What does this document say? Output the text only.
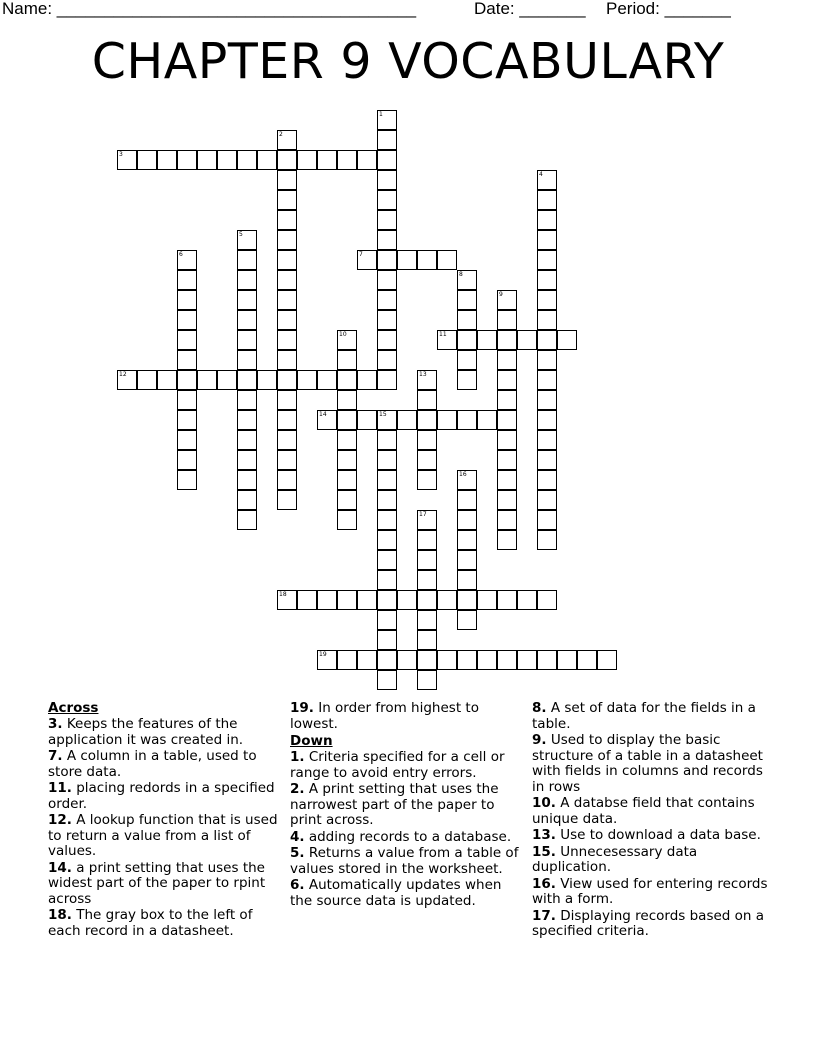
Name: ______________________________________	Date: _______ Period: _______
CHAPTER 9 VOCABULARY
1
2
3
4
5
6	7
8
9
10	11
12	13
14	15
16
17
18
19
Across
3. Keeps the features of the application it was created in.
7. A column in a table, used to store data.
11. placing redords in a specified order.
12. A lookup function that is used to return a value from a list of values.
14. a print setting that uses the widest part of the paper to rpint across
18. The gray box to the left of each record in a datasheet.
19. In order from highest to lowest.
Down
1. Criteria specified for a cell or range to avoid entry errors.
2. A print setting that uses the narrowest part of the paper to print across.
4. adding records to a database.
5. Returns a value from a table of values stored in the worksheet.
6. Automatically updates when the source data is updated.
8. A set of data for the fields in a table.
9. Used to display the basic structure of a table in a datasheet with fields in columns and records in rows
10. A databse field that contains unique data.
13. Use to download a data base.
15. Unnecesessary data duplication.
16. View used for entering records with a form.
17. Displaying records based on a specified criteria.
